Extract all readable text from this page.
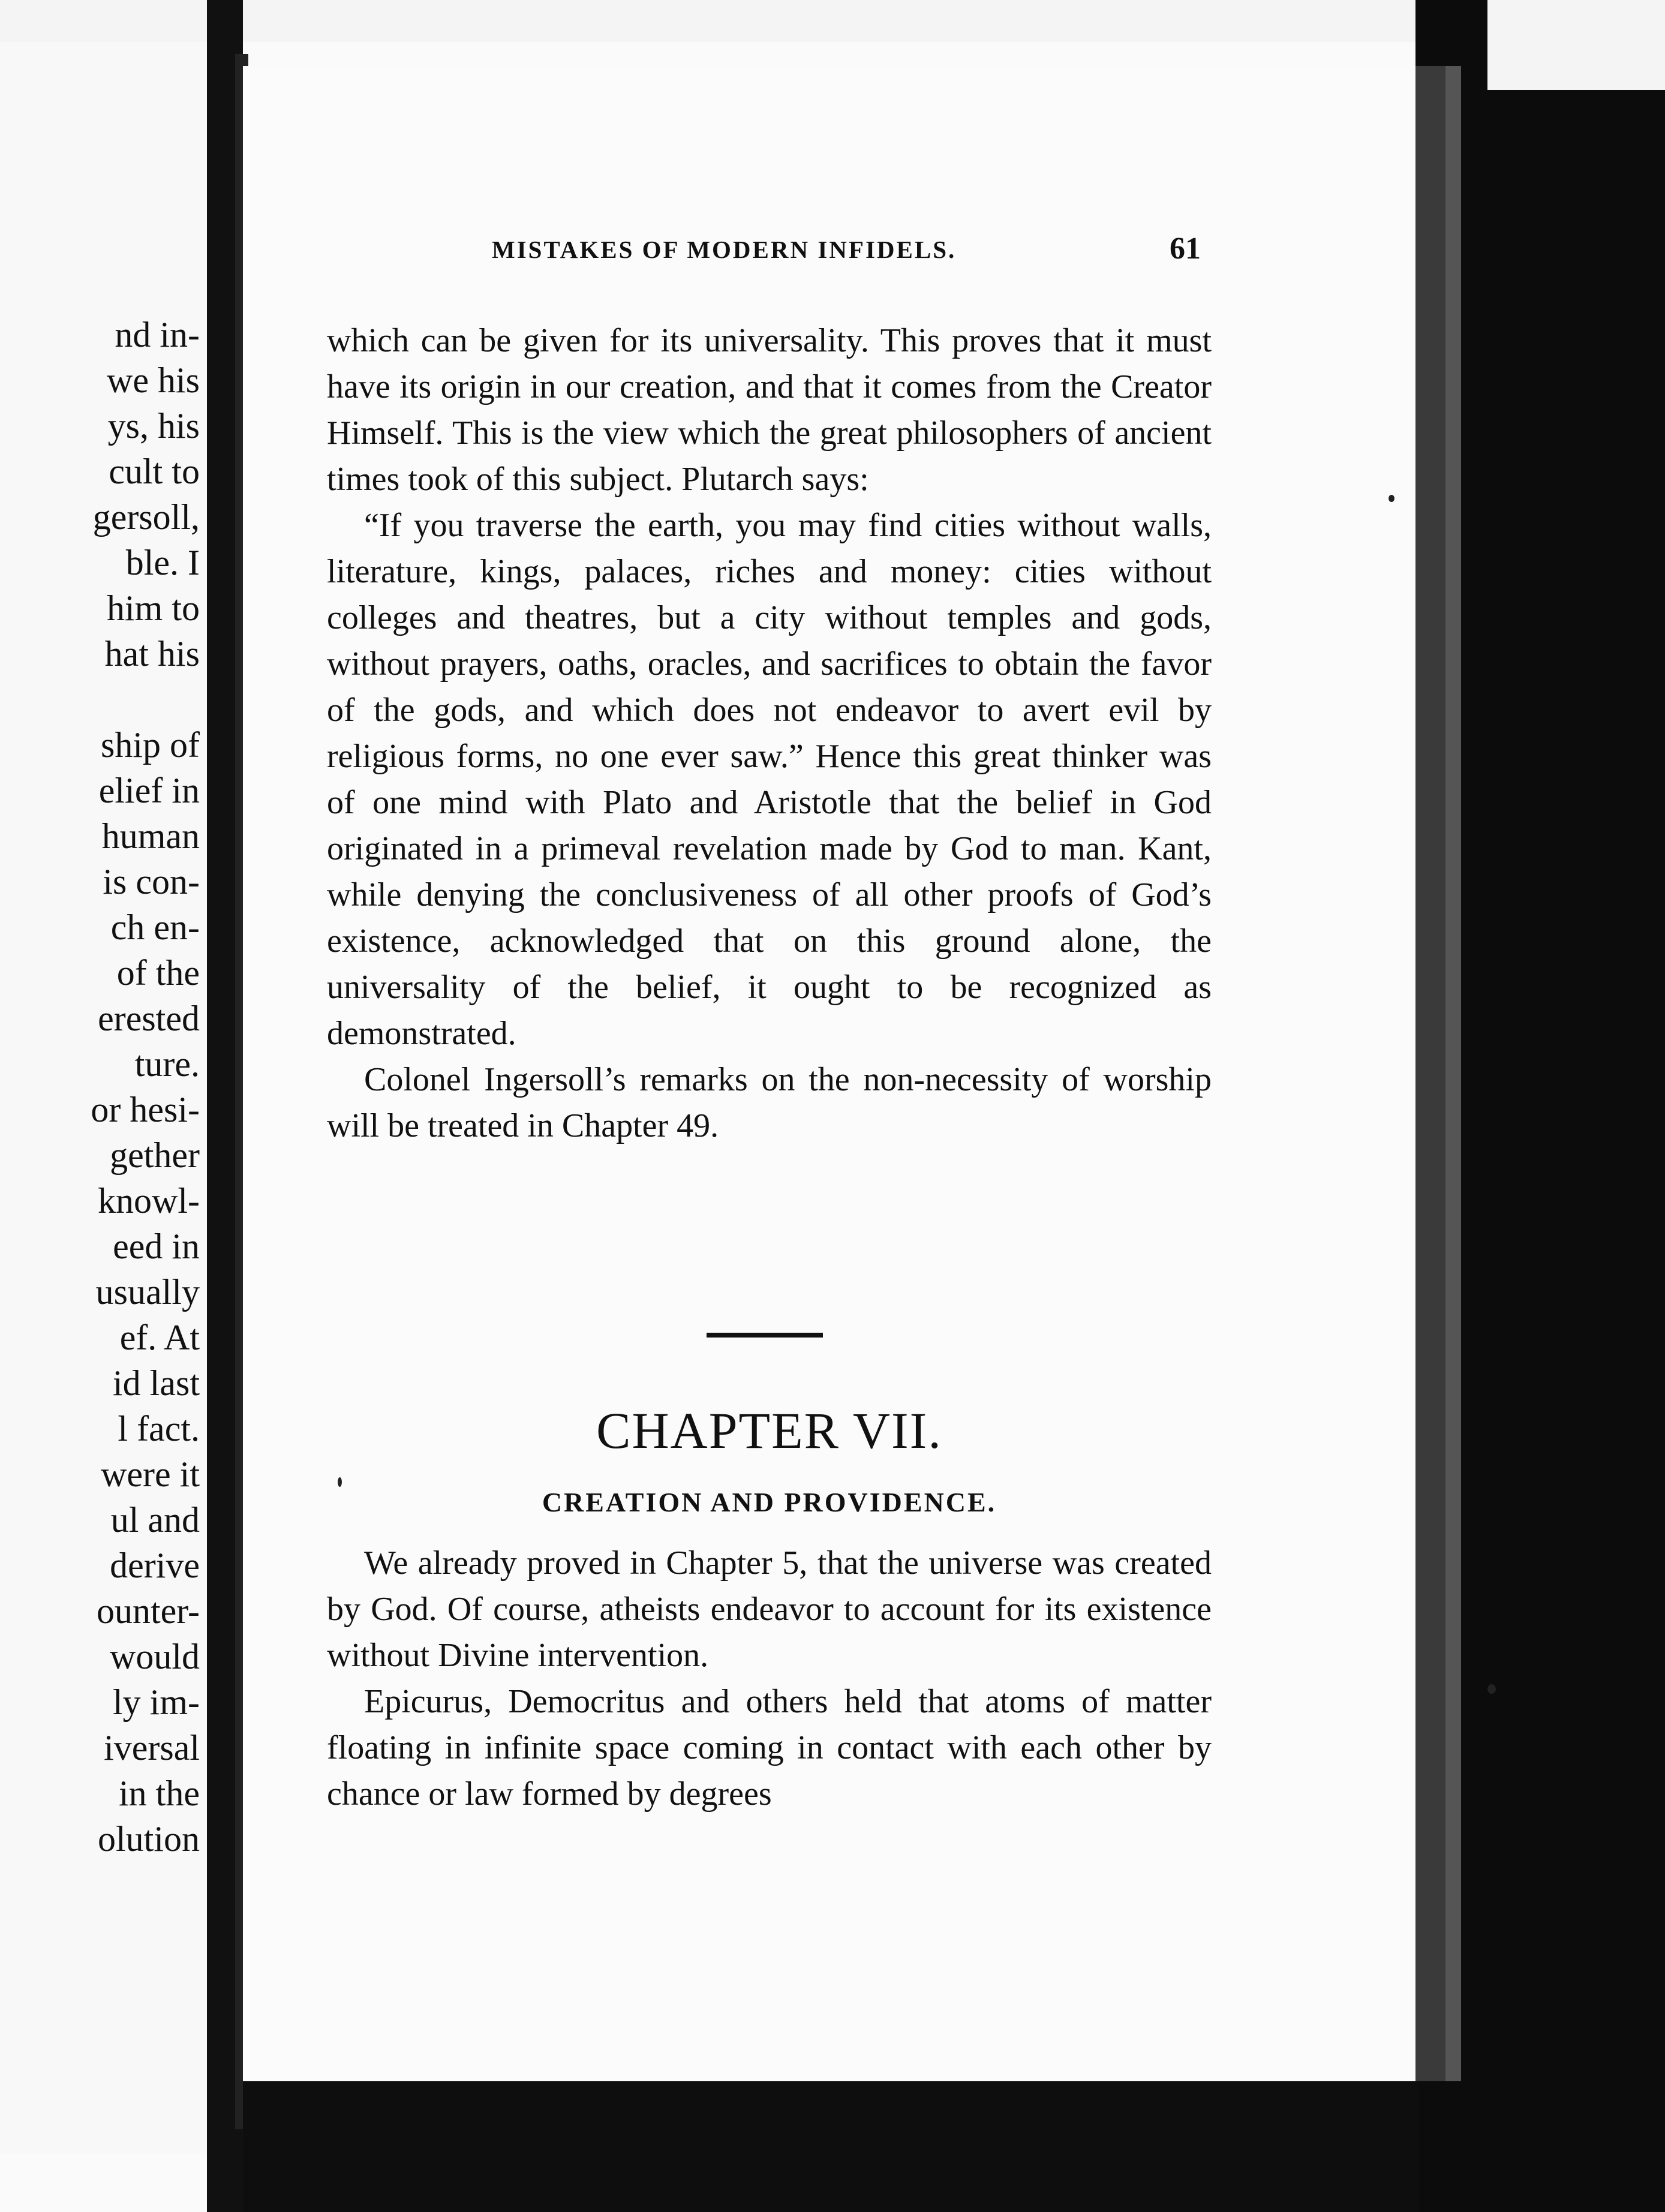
nd in-
we his
ys, his
cult to
gersoll,
ble. I
him to
hat his
ship of
elief in
human
is con-
ch en-
of the
erested
ture.
or hesi-
gether
knowl-
eed in
usually
ef. At
id last
l fact.
were it
ul and
derive
ounter-
would
ly im-
iversal
in the
olution
MISTAKES OF MODERN INFIDELS.	61

which can be given for its universality. This proves that it must have its origin in our creation, and that it comes from the Creator Himself. This is the view which the great philosophers of ancient times took of this subject. Plutarch says:

“If you traverse the earth, you may find cities without walls, literature, kings, palaces, riches and money: cities without colleges and theatres, but a city without temples and gods, without prayers, oaths, oracles, and sacrifices to obtain the favor of the gods, and which does not endeavor to avert evil by religious forms, no one ever saw.” Hence this great thinker was of one mind with Plato and Aristotle that the belief in God originated in a primeval revelation made by God to man. Kant, while denying the conclusiveness of all other proofs of God’s existence, acknowledged that on this ground alone, the universality of the belief, it ought to be recognized as demonstrated.

Colonel Ingersoll’s remarks on the non-necessity of worship will be treated in Chapter 49.

CHAPTER VII.
CREATION AND PROVIDENCE.

We already proved in Chapter 5, that the universe was created by God. Of course, atheists endeavor to account for its existence without Divine intervention.

Epicurus, Democritus and others held that atoms of matter floating in infinite space coming in contact with each other by chance or law formed by degrees
